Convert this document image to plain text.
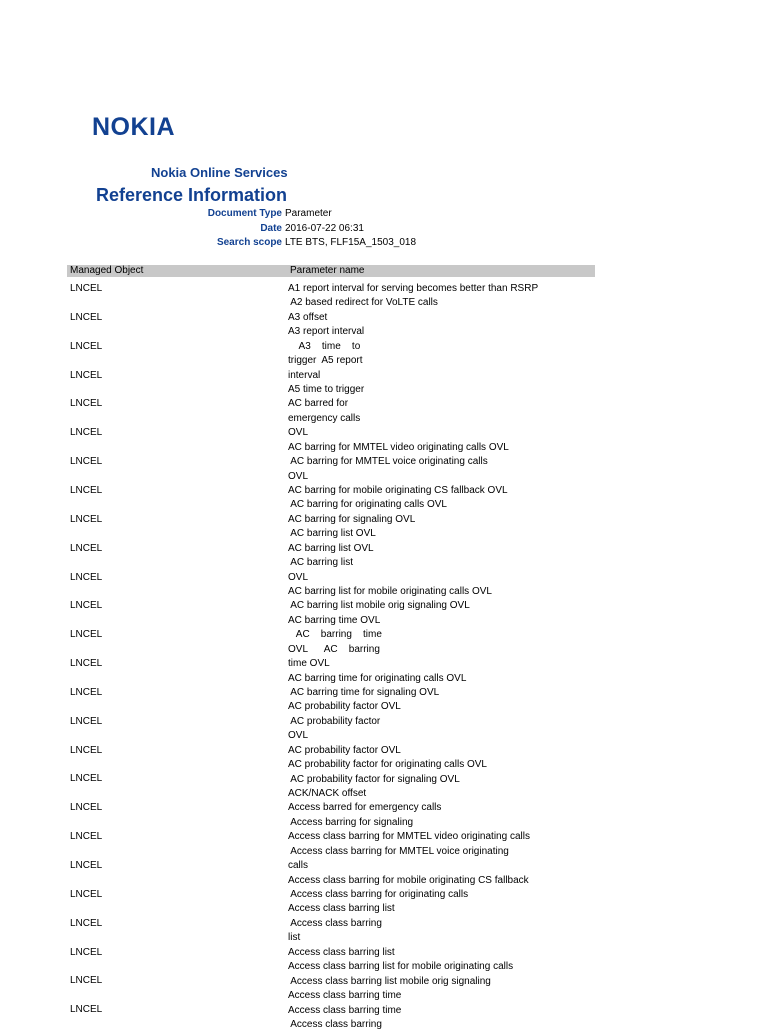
NOKIA
Nokia Online Services
Reference Information
Document Type Parameter
Date 2016-07-22 06:31
Search scope LTE BTS, FLF15A_1503_018
Managed Object	Parameter name
LNCEL
LNCEL
LNCEL
LNCEL
LNCEL
LNCEL
LNCEL
LNCEL
LNCEL
LNCEL
LNCEL
LNCEL
LNCEL
LNCEL
LNCEL
LNCEL
LNCEL
LNCEL
LNCEL
LNCEL
LNCEL
LNCEL
LNCEL
LNCEL
LNCEL
LNCEL
A1 report interval for serving becomes better than RSRP
A2 based redirect for VoLTE calls
A3 offset
A3 report interval
A3    time    to
trigger  A5 report
interval
A5 time to trigger
AC barred for
emergency calls
OVL
AC barring for MMTEL video originating calls OVL
AC barring for MMTEL voice originating calls
OVL
AC barring for mobile originating CS fallback OVL
AC barring for originating calls OVL
AC barring for signaling OVL
AC barring list OVL
AC barring list OVL
AC barring list
OVL
AC barring list for mobile originating calls OVL
AC barring list mobile orig signaling OVL
AC barring time OVL
AC    barring    time
OVL      AC    barring
time OVL
AC barring time for originating calls OVL
AC barring time for signaling OVL
AC probability factor OVL
AC probability factor
OVL
AC probability factor OVL
AC probability factor for originating calls OVL
AC probability factor for signaling OVL
ACK/NACK offset
Access barred for emergency calls
Access barring for signaling
Access class barring for MMTEL video originating calls
Access class barring for MMTEL voice originating
calls
Access class barring for mobile originating CS fallback
Access class barring for originating calls
Access class barring list
Access class barring
list
Access class barring list
Access class barring list for mobile originating calls
Access class barring list mobile orig signaling
Access class barring time
Access class barring time
Access class barring
